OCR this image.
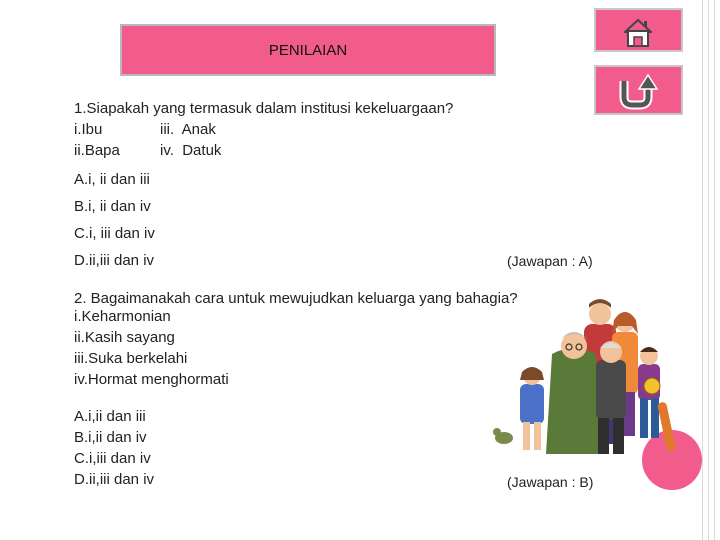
PENILAIAN
1.Siapakah yang termasuk dalam institusi kekeluargaan?
i.Ibu	iii.  Anak
ii.Bapa	iv.  Datuk
A.i, ii dan iii
B.i, ii dan iv
C.i, iii dan iv
D.ii,iii dan iv	(Jawapan : A)
2. Bagaimanakah cara untuk mewujudkan keluarga yang bahagia?
i.Keharmonian
ii.Kasih sayang
iii.Suka berkelahi
iv.Hormat menghormati
A.i,ii dan iii
B.i,ii dan iv
C.i,iii dan iv
D.ii,iii dan iv	(Jawapan : B)
